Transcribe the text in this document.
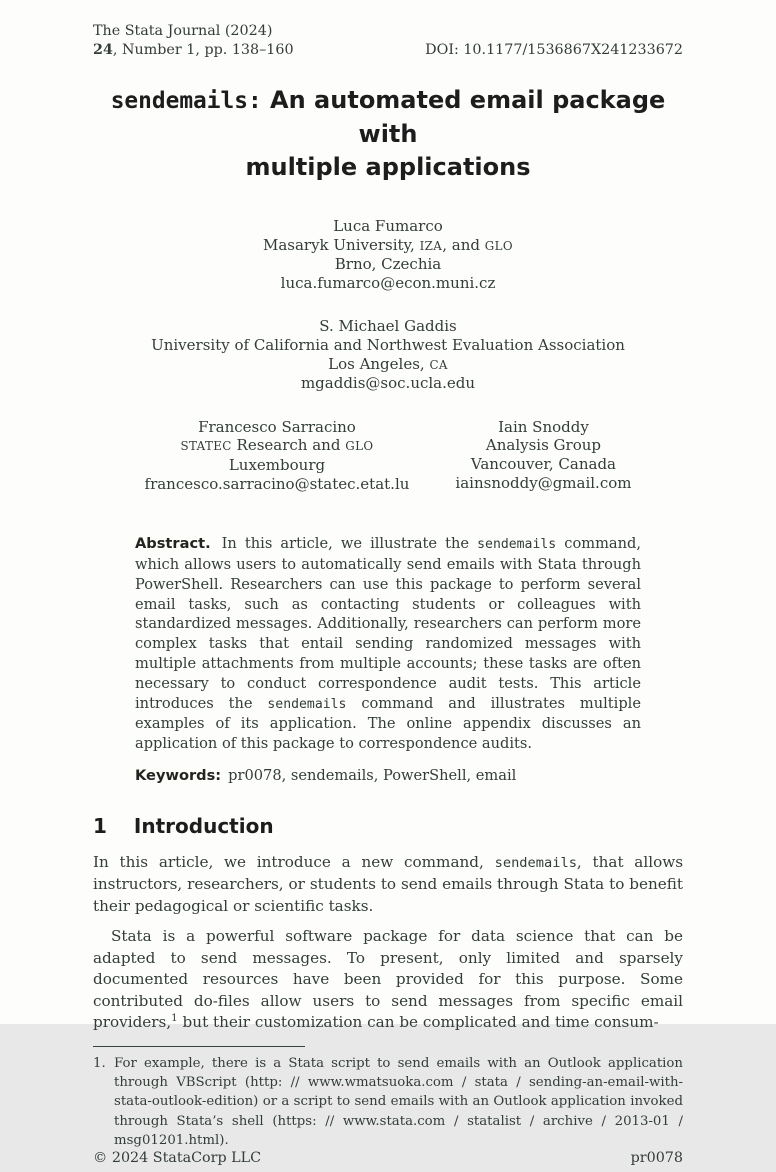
The Stata Journal (2024)
24, Number 1, pp. 138–160	DOI: 10.1177/1536867X241233672
sendemails: An automated email package with
multiple applications
Luca Fumarco
Masaryk University, IZA, and GLO
Brno, Czechia
luca.fumarco@econ.muni.cz
S. Michael Gaddis
University of California and Northwest Evaluation Association
Los Angeles, CA
mgaddis@soc.ucla.edu
Francesco Sarracino
STATEC Research and GLO
Luxembourg
francesco.sarracino@statec.etat.lu
Iain Snoddy
Analysis Group
Vancouver, Canada
iainsnoddy@gmail.com
Abstract. In this article, we illustrate the sendemails command, which allows users to automatically send emails with Stata through PowerShell. Researchers can use this package to perform several email tasks, such as contacting students or colleagues with standardized messages. Additionally, researchers can perform more complex tasks that entail sending randomized messages with multiple attachments from multiple accounts; these tasks are often necessary to conduct correspondence audit tests. This article introduces the sendemails command and illustrates multiple examples of its application. The online appendix discusses an application of this package to correspondence audits.
Keywords: pr0078, sendemails, PowerShell, email
1 Introduction
In this article, we introduce a new command, sendemails, that allows instructors, researchers, or students to send emails through Stata to benefit their pedagogical or scientific tasks.
Stata is a powerful software package for data science that can be adapted to send messages. To present, only limited and sparsely documented resources have been provided for this purpose. Some contributed do-files allow users to send messages from specific email providers,$^1$ but their customization can be complicated and time consum-
1. For example, there is a Stata script to send emails with an Outlook application through VBScript (http: // www.wmatsuoka.com / stata / sending-an-email-with-stata-outlook-edition) or a script to send emails with an Outlook application invoked through Stata’s shell (https: // www.stata.com / statalist / archive / 2013-01 / msg01201.html).
© 2024 StataCorp LLC	pr0078
